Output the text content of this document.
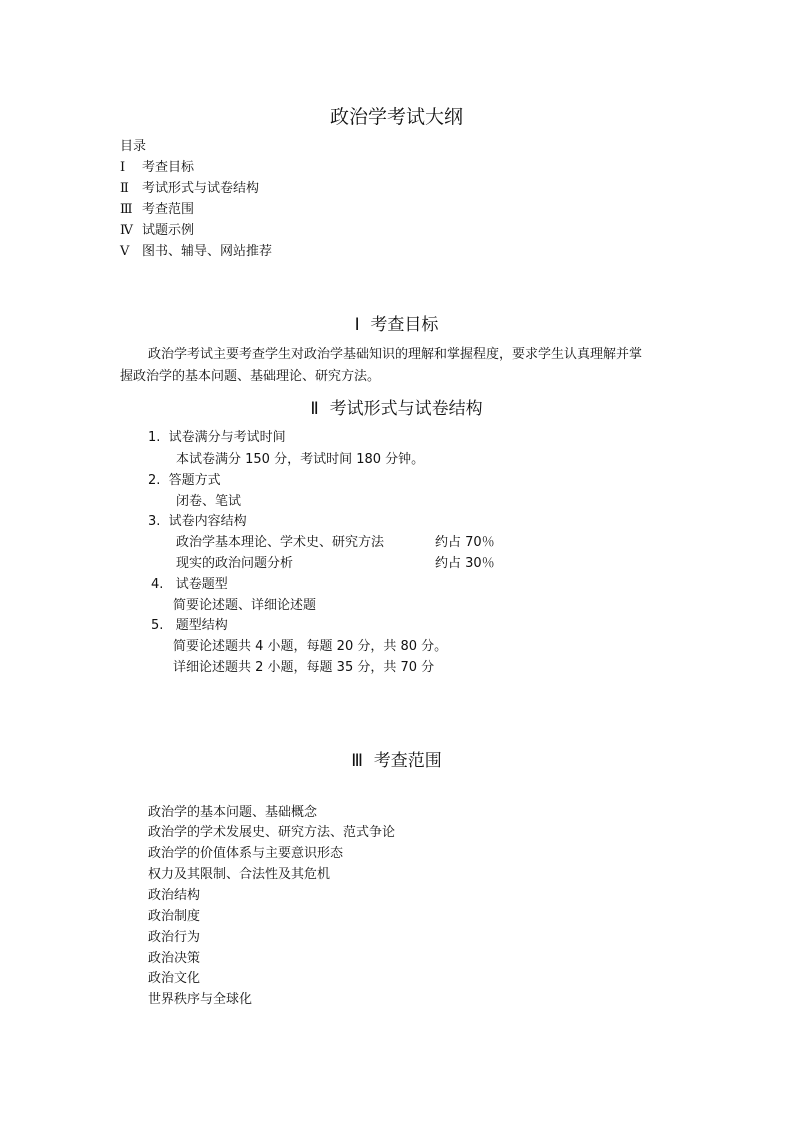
政治学考试大纲
目录
Ⅰ 考查目标
Ⅱ 考试形式与试卷结构
Ⅲ 考查范围
Ⅳ 试题示例
Ⅴ 图书、辅导、网站推荐
Ⅰ  考查目标
政治学考试主要考查学生对政治学基础知识的理解和掌握程度，要求学生认真理解并掌
握政治学的基本问题、基础理论、研究方法。
Ⅱ  考试形式与试卷结构
1.  试卷满分与考试时间
本试卷满分 150 分，考试时间 180 分钟。
2.  答题方式
闭卷、笔试
3.  试卷内容结构
政治学基本理论、学术史、研究方法	约占 70％
现实的政治问题分析	约占 30％
4.   试卷题型
简要论述题、详细论述题
5.   题型结构
简要论述题共 4 小题，每题 20 分，共 80 分。
详细论述题共 2 小题，每题 35 分，共 70 分
Ⅲ  考查范围
政治学的基本问题、基础概念
政治学的学术发展史、研究方法、范式争论
政治学的价值体系与主要意识形态
权力及其限制、合法性及其危机
政治结构
政治制度
政治行为
政治决策
政治文化
世界秩序与全球化
